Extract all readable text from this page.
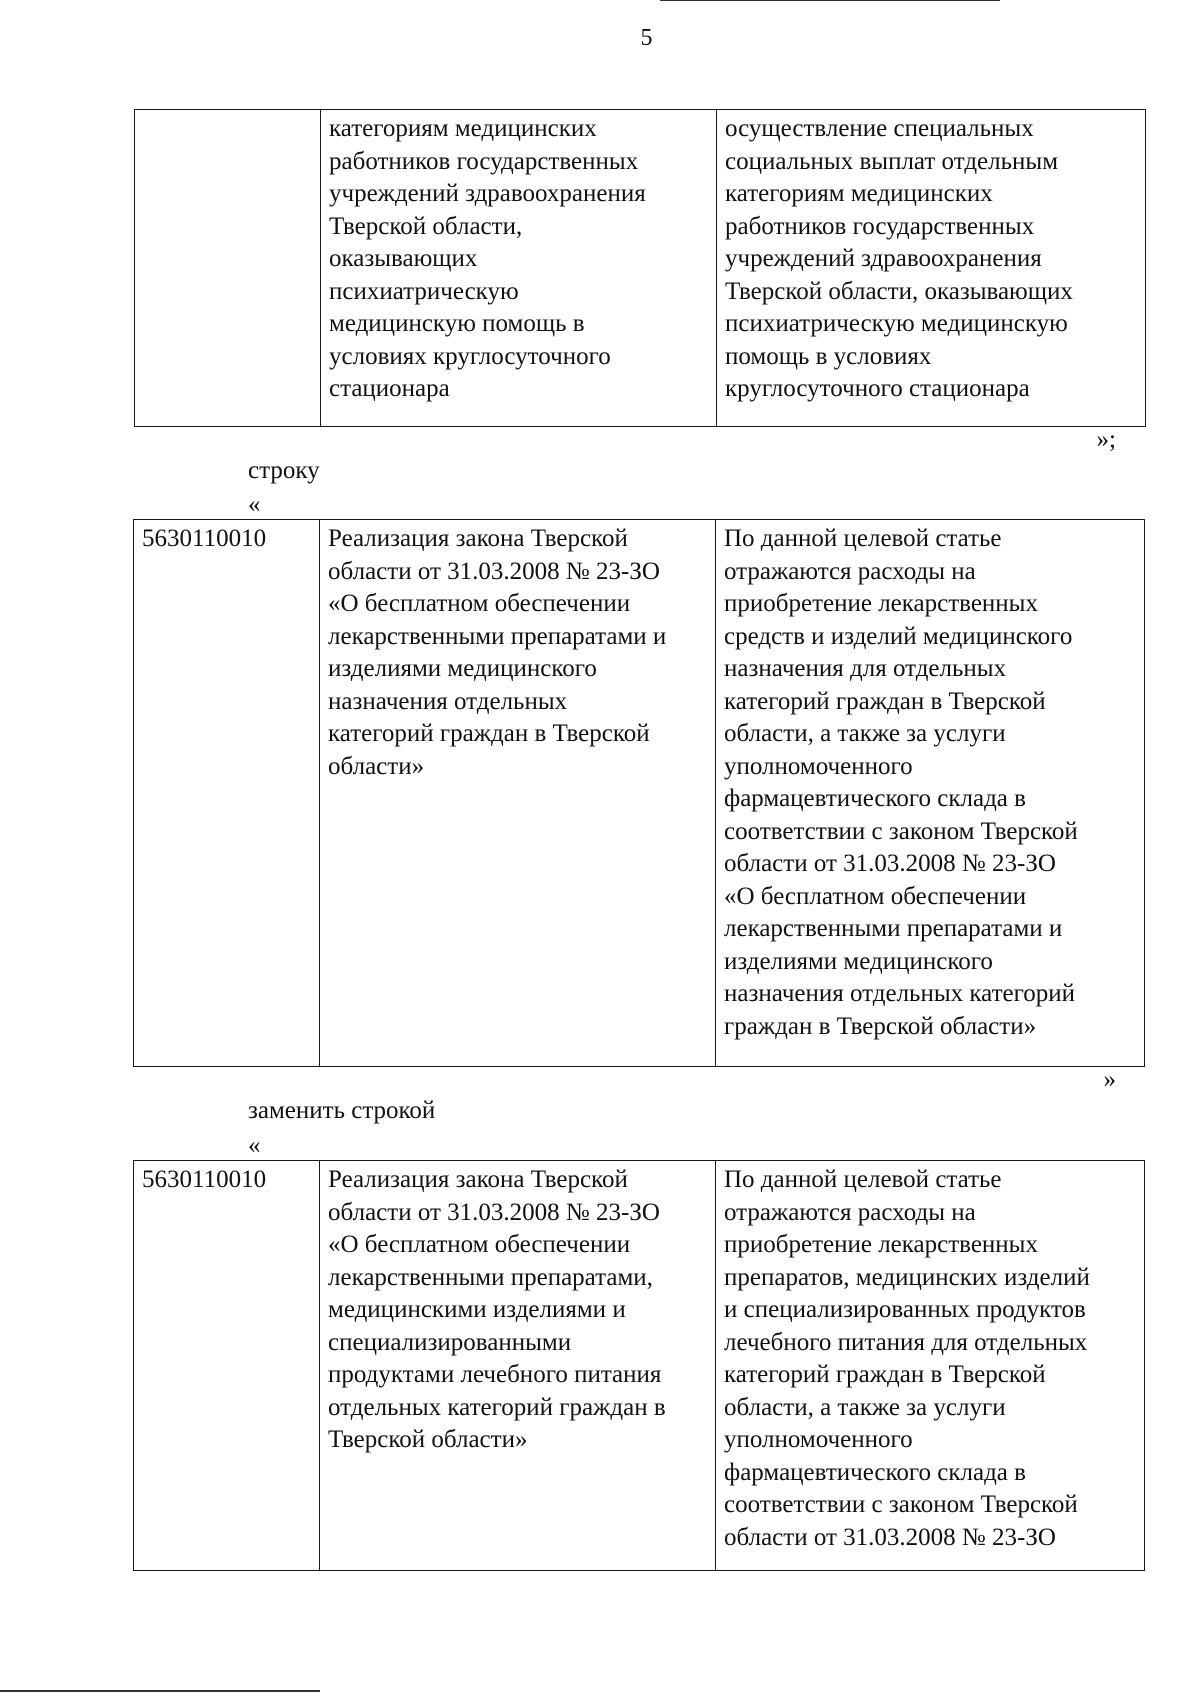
5
	категориям медицинских
работников государственных
учреждений здравоохранения
Тверской области,
оказывающих
психиатрическую
медицинскую помощь в
условиях круглосуточного
стационара	осуществление специальных
социальных выплат отдельным
категориям медицинских
работников государственных
учреждений здравоохранения
Тверской области, оказывающих
психиатрическую медицинскую
помощь в условиях
круглосуточного стационара
»;
строку
«
5630110010	Реализация закона Тверской
области от 31.03.2008 № 23-ЗО
«О бесплатном обеспечении
лекарственными препаратами и
изделиями медицинского
назначения отдельных
категорий граждан в Тверской
области»	По данной целевой статье
отражаются расходы на
приобретение лекарственных
средств и изделий медицинского
назначения для отдельных
категорий граждан в Тверской
области, а также за услуги
уполномоченного
фармацевтического склада в
соответствии с законом Тверской
области от 31.03.2008 № 23-ЗО
«О бесплатном обеспечении
лекарственными препаратами и
изделиями медицинского
назначения отдельных категорий
граждан в Тверской области»
»
заменить строкой
«
5630110010	Реализация закона Тверской
области от 31.03.2008 № 23-ЗО
«О бесплатном обеспечении
лекарственными препаратами,
медицинскими изделиями и
специализированными
продуктами лечебного питания
отдельных категорий граждан в
Тверской области»	По данной целевой статье
отражаются расходы на
приобретение лекарственных
препаратов, медицинских изделий
и специализированных продуктов
лечебного питания для отдельных
категорий граждан в Тверской
области, а также за услуги
уполномоченного
фармацевтического склада в
соответствии с законом Тверской
области от 31.03.2008 № 23-ЗО
